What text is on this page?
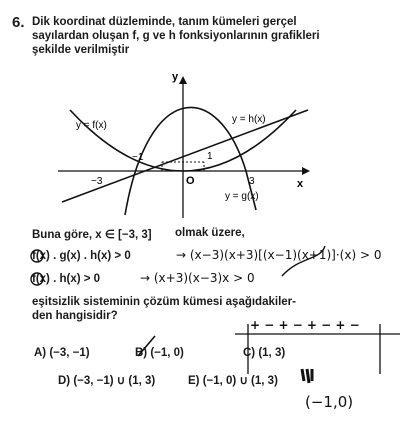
6. Dik koordinat düzleminde, tanım kümeleri gerçel
sayılardan oluşan f, g ve h fonksiyonlarının grafikleri
şekilde verilmiştir
y
x
O
y = f(x)
y = h(x)
y = g(x)
−3
−1	1
3
Buna göre, x ∈ [−3, 3] olmak üzere,
f(x) . g(x) . h(x) > 0
f(x) . h(x) > 0
eşitsizlik sisteminin çözüm kümesi aşağıdakiler-
den hangisidir?
A) (−3, −1)	B) (−1, 0)	C) (1, 3)
D) (−3, −1) ∪ (1, 3)	E) (−1, 0) ∪ (1, 3)
→ (x−3)(x+3)[(x−1)(x+1)]·(x) > 0
→ (x+3)(x−3)x > 0
+ − + − + − + −
(−1,0)
